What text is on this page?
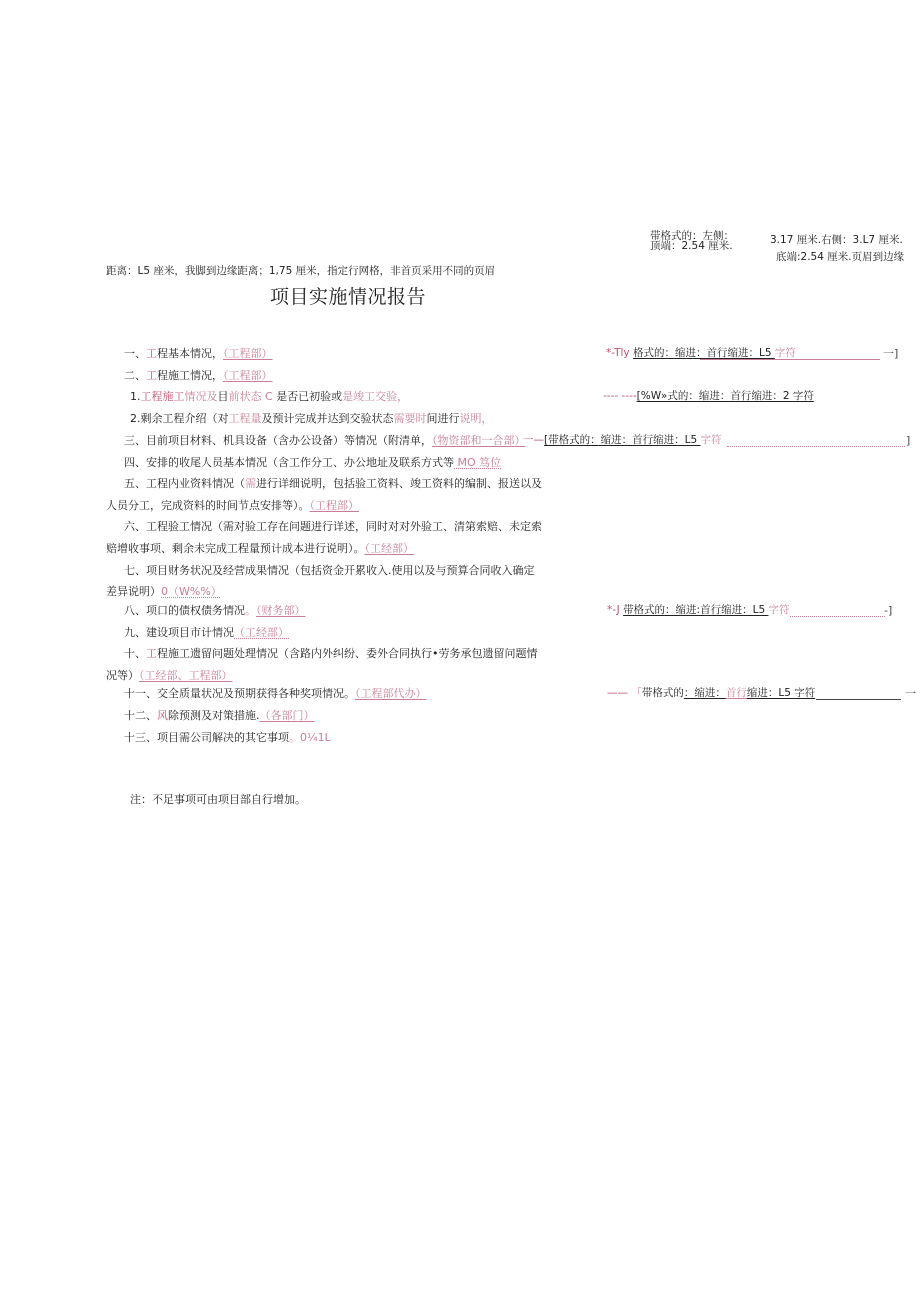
带格式的：左侧：
顶端：2.54 厘米.	3.17 厘米.右侧：3.L7 厘米.
底端:2.54 厘米.页眉到边缘
距离：L5 座米，我脚到边缘距离；1,75 厘米，指定行网格，非首页采用不同的页眉
项目实施情况报告
一、工程基本情况，（工程部）
二、工程施工情况，（工程部）
1.工程施工情况及目前状态 C 是否已初验或是竣工交验，
2.剩余工程介绍（对工程量及预计完成并达到交验状态需要时间进行说明，
三、目前项目材料、机具设备（含办公设备）等情况（附清单，（物资部和一合部）
四、安排的收尾人员基本情况（含工作分工、办公地址及联系方式等 MO 笃位
五、工程内业资料情况（需进行详细说明，包括验工资料、竣工资料的编制、报送以及
人员分工，完成资料的时间节点安排等）。（工程部）
六、工程验工情况（需对验工存在问题进行详述，同时对对外验工、清第索赔、未定索
赔增收事项、剩余未完成工程量预计成本进行说明）。（工经部）
七、项目财务状况及经营成果情况（包括资金开累收入.使用以及与预算合同收入确定
差异说明）0（W%%）
八、项口的债权债务情况。（财务部）
九、建设项目市计情况（工经部）
十、工程施工遗留问题处理情况（含路内外纠纷、委外合同执行•劳务承包遗留问题情
况等）（工经部、工程部）
十一、交全质量状况及预期获得各种奖项情况。（工程部代办）
十二、风除预测及对策措施.（各部门）
十三、项目需公司解决的其它事项。0¼1L
注：不足事项可由项目部自行增加。
*-Tly 格式的：缩进：首行缩进：L5 字符	一]
---- ----[%W»式的：缩进：首行缩进：2 字符
一—[带格式的：缩进：首行缩进：L5 字符	]
*-J 带格式的：缩进:首行缩进：L5 字符	-]
—— 「带格式的：缩进：首行缩进：L5 字符	一
